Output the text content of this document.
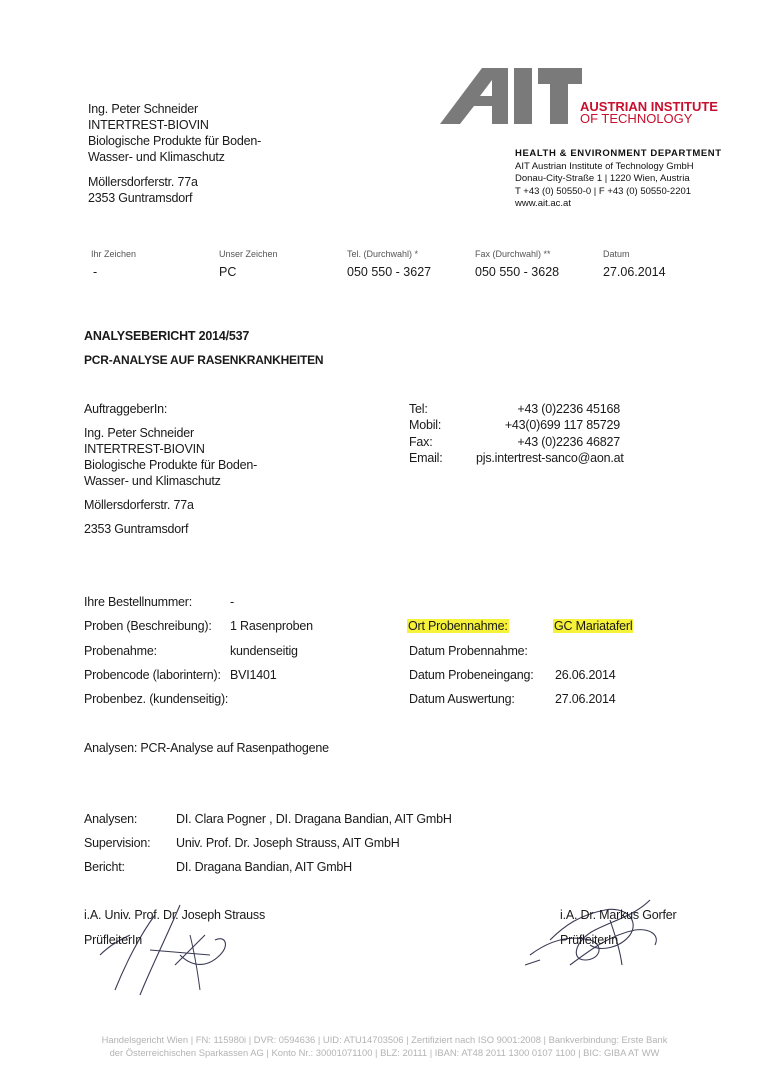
Ing. Peter Schneider
INTERTREST-BIOVIN
Biologische Produkte für Boden-
Wasser- und Klimaschutz
Möllersdorferstr. 77a
2353 Guntramsdorf
AUSTRIAN INSTITUTE
OF TECHNOLOGY
HEALTH & ENVIRONMENT DEPARTMENT
AIT Austrian Institute of Technology GmbH
Donau-City-Straße 1 | 1220 Wien, Austria
T +43 (0) 50550-0 | F +43 (0) 50550-2201
www.ait.ac.at
Ihr Zeichen	Unser Zeichen	Tel. (Durchwahl) *	Fax (Durchwahl) **	Datum
-	PC	050 550 - 3627	050 550 - 3628	27.06.2014
ANALYSEBERICHT 2014/537
PCR-ANALYSE AUF RASENKRANKHEITEN
AuftraggeberIn:
Ing. Peter Schneider
INTERTREST-BIOVIN
Biologische Produkte für Boden-
Wasser- und Klimaschutz
Möllersdorferstr. 77a
2353 Guntramsdorf
Tel:	+43 (0)2236 45168
Mobil:	+43(0)699 117 85729
Fax:	+43 (0)2236 46827
Email:	pjs.intertrest-sanco@aon.at
Ihre Bestellnummer:	-
Proben (Beschreibung): 1 Rasenproben
Probenahme:	kundenseitig
Probencode (laborintern): BVI1401
Probenbez. (kundenseitig):
Ort Probennahme:	GC Mariataferl
Datum Probennahme:
Datum Probeneingang: 26.06.2014
Datum Auswertung:	27.06.2014
Analysen: PCR-Analyse auf Rasenpathogene
Analysen:	DI. Clara Pogner , DI. Dragana Bandian, AIT GmbH
Supervision: Univ. Prof. Dr. Joseph Strauss, AIT GmbH
Bericht:	DI. Dragana Bandian, AIT GmbH
i.A. Univ. Prof. Dr. Joseph Strauss
PrüfleiterIn
i.A. Dr. Markus Gorfer
PrüfleiterIn
Handelsgericht Wien | FN: 115980i | DVR: 0594636 | UID: ATU14703506 | Zertifiziert nach ISO 9001:2008 | Bankverbindung: Erste Bank
der Österreichischen Sparkassen AG | Konto Nr.: 30001071100 | BLZ: 20111 | IBAN: AT48 2011 1300 0107 1100 | BIC: GIBA AT WW
